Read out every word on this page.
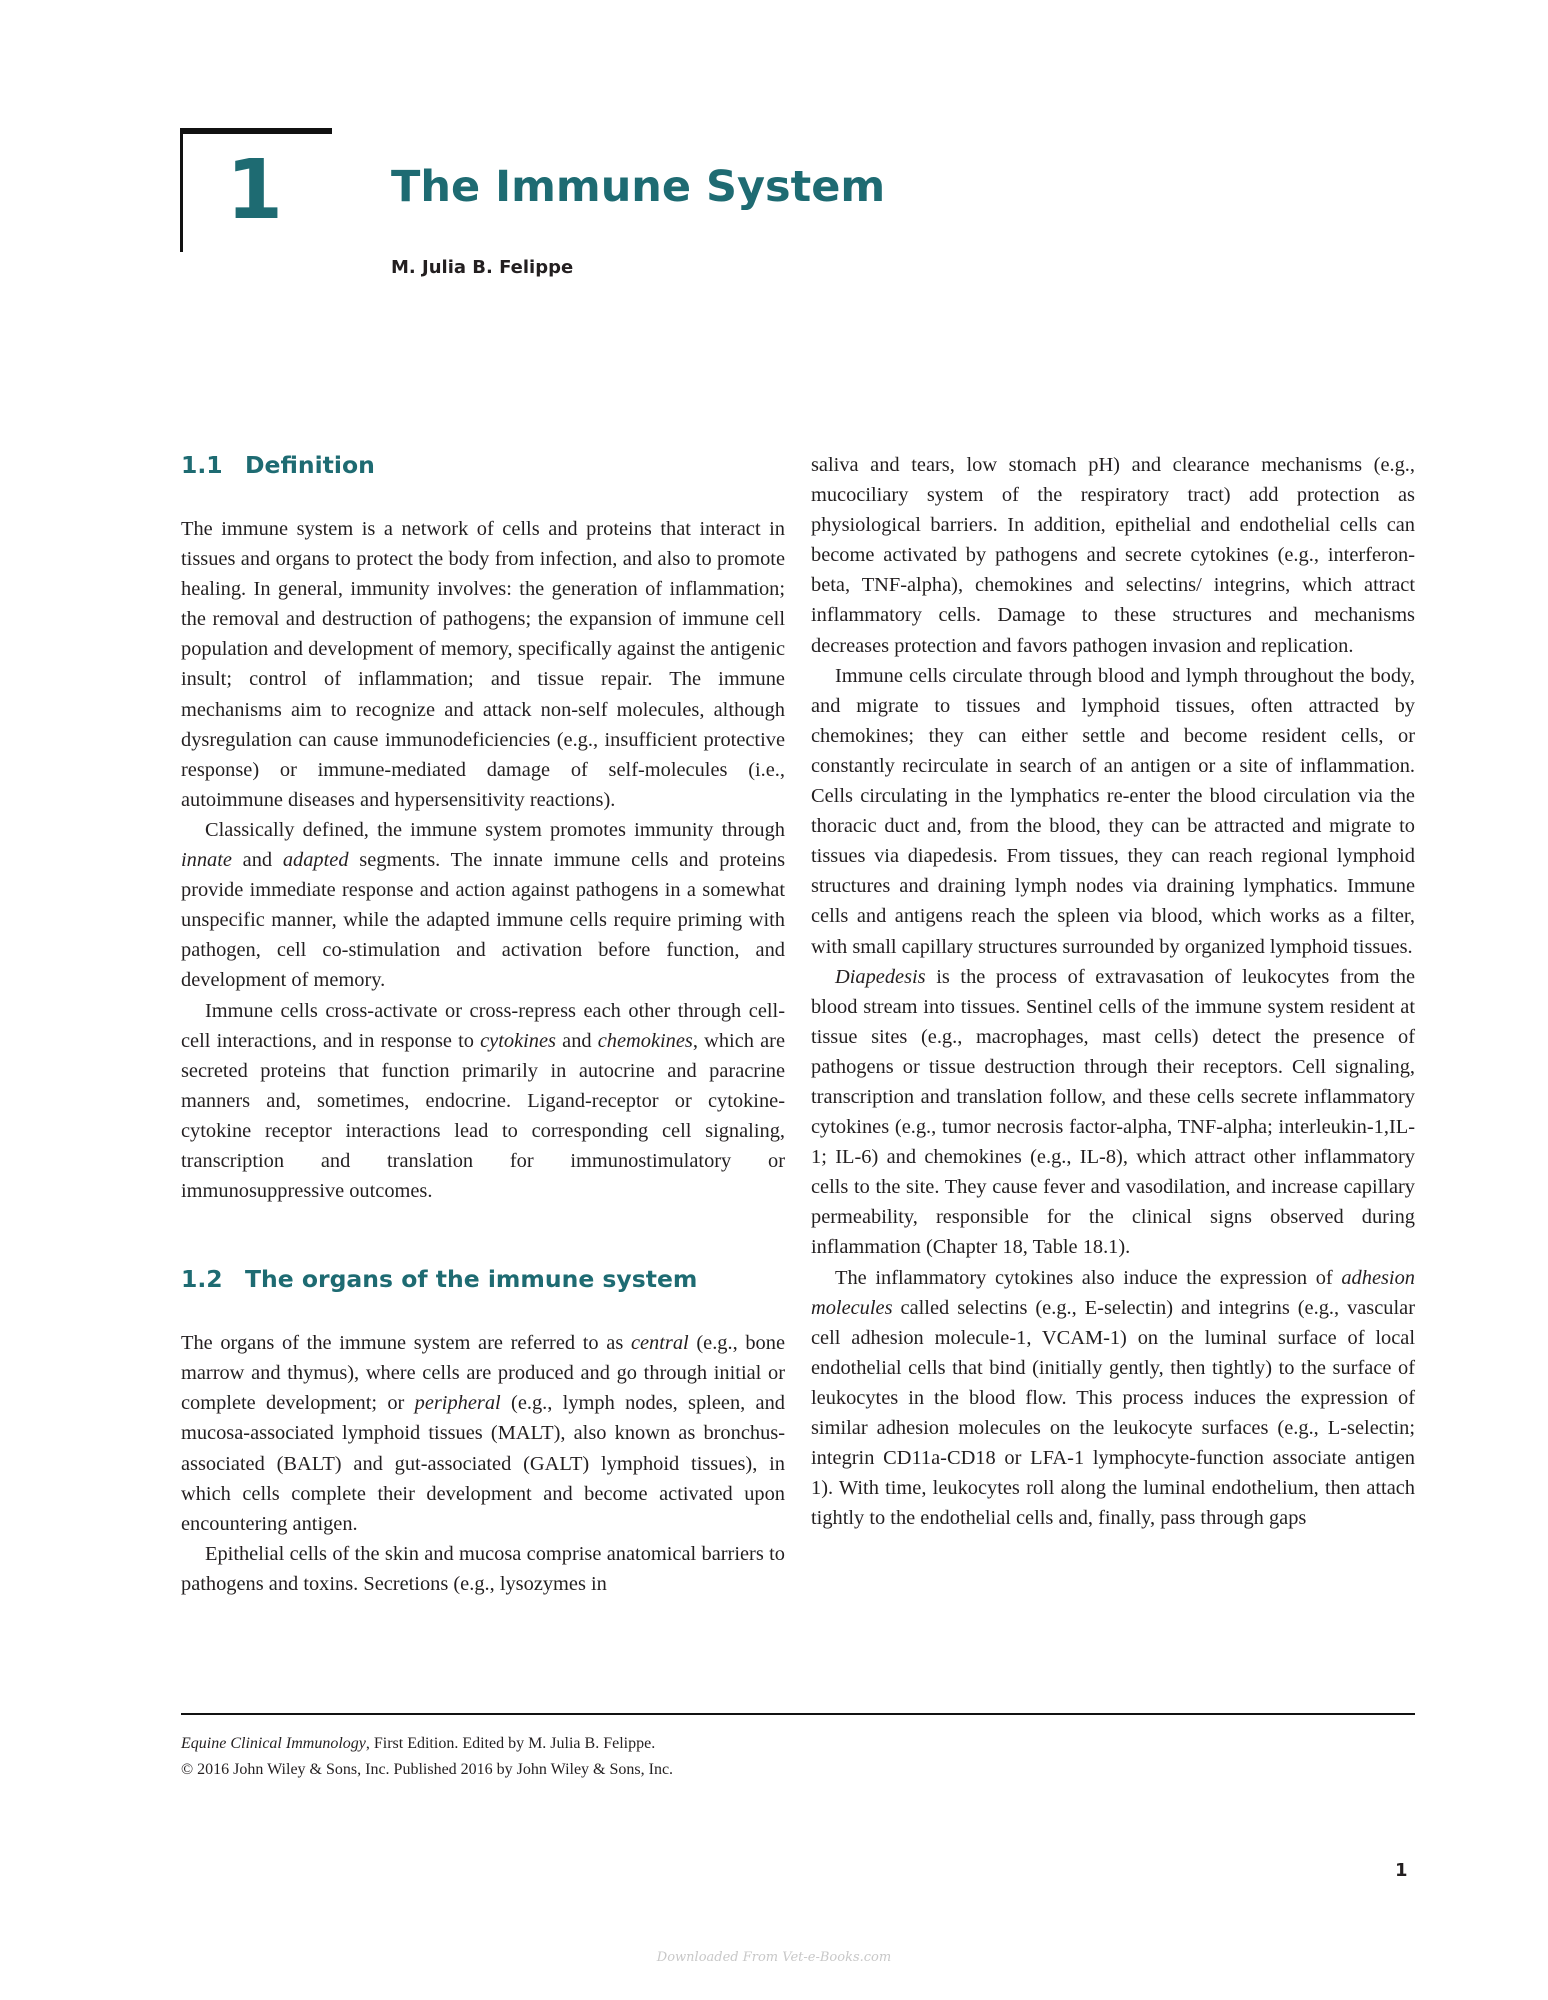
1	The Immune System
M. Julia B. Felippe
1.1 Definition

The immune system is a network of cells and proteins that interact in tissues and organs to protect the body from infection, and also to promote healing. In general, immunity involves: the generation of inflammation; the removal and destruction of pathogens; the expansion of immune cell population and development of memory, specifically against the antigenic insult; control of inflammation; and tissue repair. The immune mechanisms aim to recognize and attack non-self molecules, although dysregulation can cause immunodeficiencies (e.g., insufficient protective response) or immune-mediated damage of self-molecules (i.e., autoimmune diseases and hypersensitivity reactions).

Classically defined, the immune system promotes immunity through innate and adapted segments. The innate immune cells and proteins provide immediate response and action against pathogens in a somewhat unspecific manner, while the adapted immune cells require priming with pathogen, cell co-stimulation and activation before function, and development of memory.

Immune cells cross-activate or cross-repress each other through cell-cell interactions, and in response to cytokines and chemokines, which are secreted proteins that function primarily in autocrine and paracrine manners and, sometimes, endocrine. Ligand-receptor or cytokine-cytokine receptor interactions lead to corresponding cell signaling, transcription and translation for immunostimulatory or immunosuppressive outcomes.

1.2 The organs of the immune system

The organs of the immune system are referred to as central (e.g., bone marrow and thymus), where cells are produced and go through initial or complete development; or peripheral (e.g., lymph nodes, spleen, and mucosa-associated lymphoid tissues (MALT), also known as bronchus-associated (BALT) and gut-associated (GALT) lymphoid tissues), in which cells complete their development and become activated upon encountering antigen.

Epithelial cells of the skin and mucosa comprise anatomical barriers to pathogens and toxins. Secretions (e.g., lysozymes in

saliva and tears, low stomach pH) and clearance mechanisms (e.g., mucociliary system of the respiratory tract) add protection as physiological barriers. In addition, epithelial and endothelial cells can become activated by pathogens and secrete cytokines (e.g., interferon-beta, TNF-alpha), chemokines and selectins/ integrins, which attract inflammatory cells. Damage to these structures and mechanisms decreases protection and favors pathogen invasion and replication.

Immune cells circulate through blood and lymph throughout the body, and migrate to tissues and lymphoid tissues, often attracted by chemokines; they can either settle and become resident cells, or constantly recirculate in search of an antigen or a site of inflammation. Cells circulating in the lymphatics re-enter the blood circulation via the thoracic duct and, from the blood, they can be attracted and migrate to tissues via diapedesis. From tissues, they can reach regional lymphoid structures and draining lymph nodes via draining lymphatics. Immune cells and antigens reach the spleen via blood, which works as a filter, with small capillary structures surrounded by organized lymphoid tissues.

Diapedesis is the process of extravasation of leukocytes from the blood stream into tissues. Sentinel cells of the immune system resident at tissue sites (e.g., macrophages, mast cells) detect the presence of pathogens or tissue destruction through their receptors. Cell signaling, transcription and translation follow, and these cells secrete inflammatory cytokines (e.g., tumor necrosis factor-alpha, TNF-alpha; interleukin-1,IL-1; IL-6) and chemokines (e.g., IL-8), which attract other inflammatory cells to the site. They cause fever and vasodilation, and increase capillary permeability, responsible for the clinical signs observed during inflammation (Chapter 18, Table 18.1).

The inflammatory cytokines also induce the expression of adhesion molecules called selectins (e.g., E-selectin) and integrins (e.g., vascular cell adhesion molecule-1, VCAM-1) on the luminal surface of local endothelial cells that bind (initially gently, then tightly) to the surface of leukocytes in the blood flow. This process induces the expression of similar adhesion molecules on the leukocyte surfaces (e.g., L-selectin; integrin CD11a-CD18 or LFA-1 lymphocyte-function associate antigen 1). With time, leukocytes roll along the luminal endothelium, then attach tightly to the endothelial cells and, finally, pass through gaps

Equine Clinical Immunology, First Edition. Edited by M. Julia B. Felippe.
© 2016 John Wiley & Sons, Inc. Published 2016 by John Wiley & Sons, Inc.
1
Downloaded From Vet-e-Books.com
